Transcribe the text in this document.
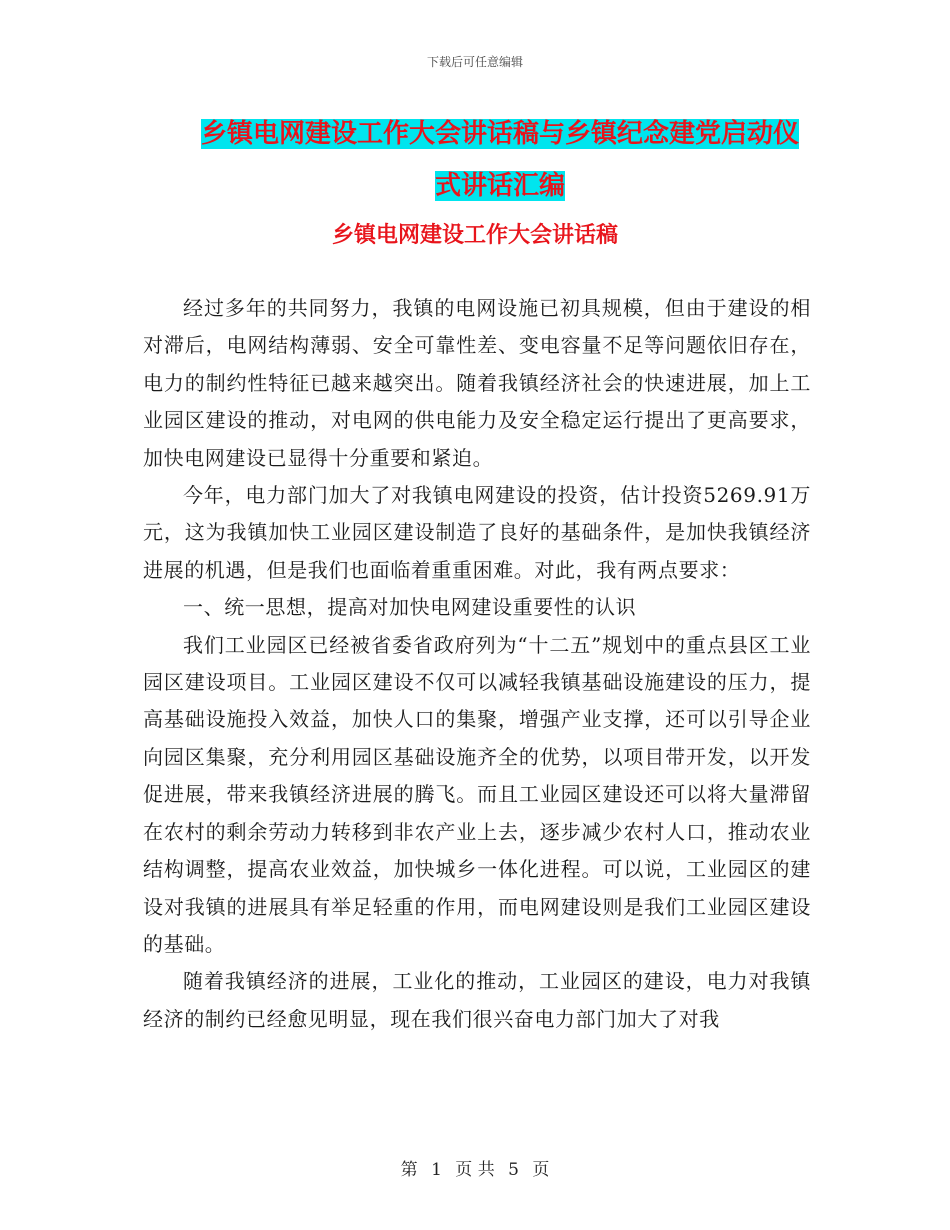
下载后可任意编辑
乡镇电网建设工作大会讲话稿与乡镇纪念建党启动仪式讲话汇编
乡镇电网建设工作大会讲话稿

经过多年的共同努力，我镇的电网设施已初具规模，但由于建设的相对滞后，电网结构薄弱、安全可靠性差、变电容量不足等问题依旧存在，电力的制约性特征已越来越突出。随着我镇经济社会的快速进展，加上工业园区建设的推动，对电网的供电能力及安全稳定运行提出了更高要求，加快电网建设已显得十分重要和紧迫。

今年，电力部门加大了对我镇电网建设的投资，估计投资5269.91万元，这为我镇加快工业园区建设制造了良好的基础条件，是加快我镇经济进展的机遇，但是我们也面临着重重困难。对此，我有两点要求：

一、统一思想，提高对加快电网建设重要性的认识

我们工业园区已经被省委省政府列为“十二五”规划中的重点县区工业园区建设项目。工业园区建设不仅可以减轻我镇基础设施建设的压力，提高基础设施投入效益，加快人口的集聚，增强产业支撑，还可以引导企业向园区集聚，充分利用园区基础设施齐全的优势，以项目带开发，以开发促进展，带来我镇经济进展的腾飞。而且工业园区建设还可以将大量滞留在农村的剩余劳动力转移到非农产业上去，逐步减少农村人口，推动农业结构调整，提高农业效益，加快城乡一体化进程。可以说，工业园区的建设对我镇的进展具有举足轻重的作用，而电网建设则是我们工业园区建设的基础。

随着我镇经济的进展，工业化的推动，工业园区的建设，电力对我镇经济的制约已经愈见明显，现在我们很兴奋电力部门加大了对我

第 1 页 共 5 页
